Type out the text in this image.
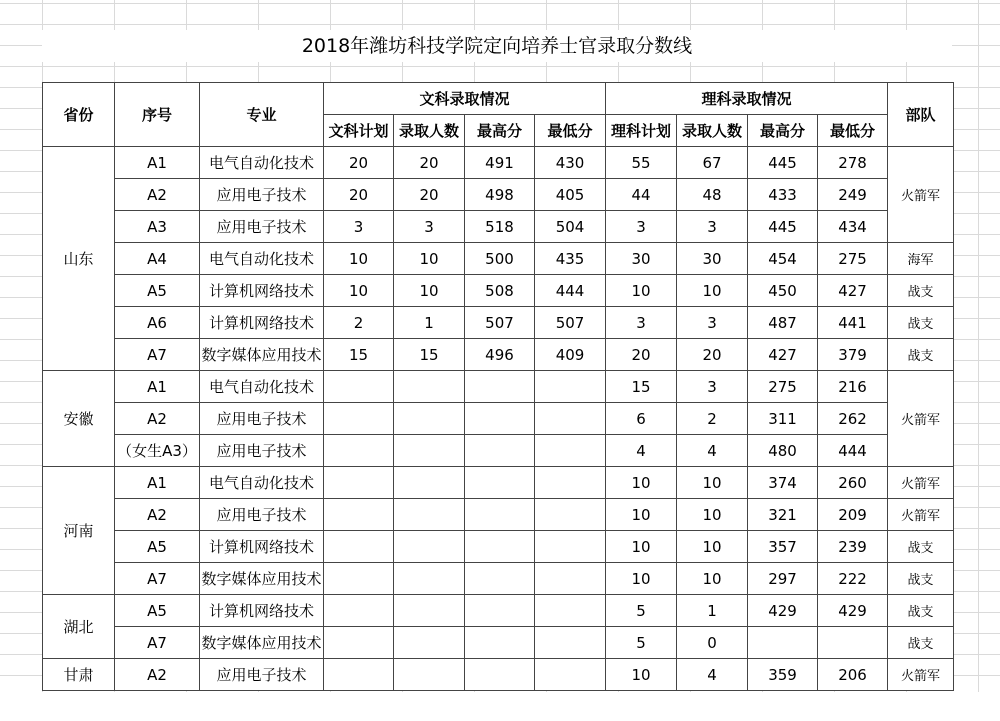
2018年潍坊科技学院定向培养士官录取分数线
省份	序号	专业	文科录取情况				理科录取情况				部队
			文科计划	录取人数	最高分	最低分	理科计划	录取人数	最高分	最低分	
山东	A1	电气自动化技术	20	20	491	430	55	67	445	278	火箭军
	A2	应用电子技术	20	20	498	405	44	48	433	249	
	A3	应用电子技术	3	3	518	504	3	3	445	434	
	A4	电气自动化技术	10	10	500	435	30	30	454	275	海军
	A5	计算机网络技术	10	10	508	444	10	10	450	427	战支
	A6	计算机网络技术	2	1	507	507	3	3	487	441	战支
	A7	数字媒体应用技术	15	15	496	409	20	20	427	379	战支
安徽	A1	电气自动化技术					15	3	275	216	火箭军
	A2	应用电子技术					6	2	311	262	
	（女生A3）	应用电子技术					4	4	480	444	
河南	A1	电气自动化技术					10	10	374	260	火箭军
	A2	应用电子技术					10	10	321	209	火箭军
	A5	计算机网络技术					10	10	357	239	战支
	A7	数字媒体应用技术					10	10	297	222	战支
湖北	A5	计算机网络技术					5	1	429	429	战支
	A7	数字媒体应用技术					5	0			战支
甘肃	A2	应用电子技术					10	4	359	206	火箭军
